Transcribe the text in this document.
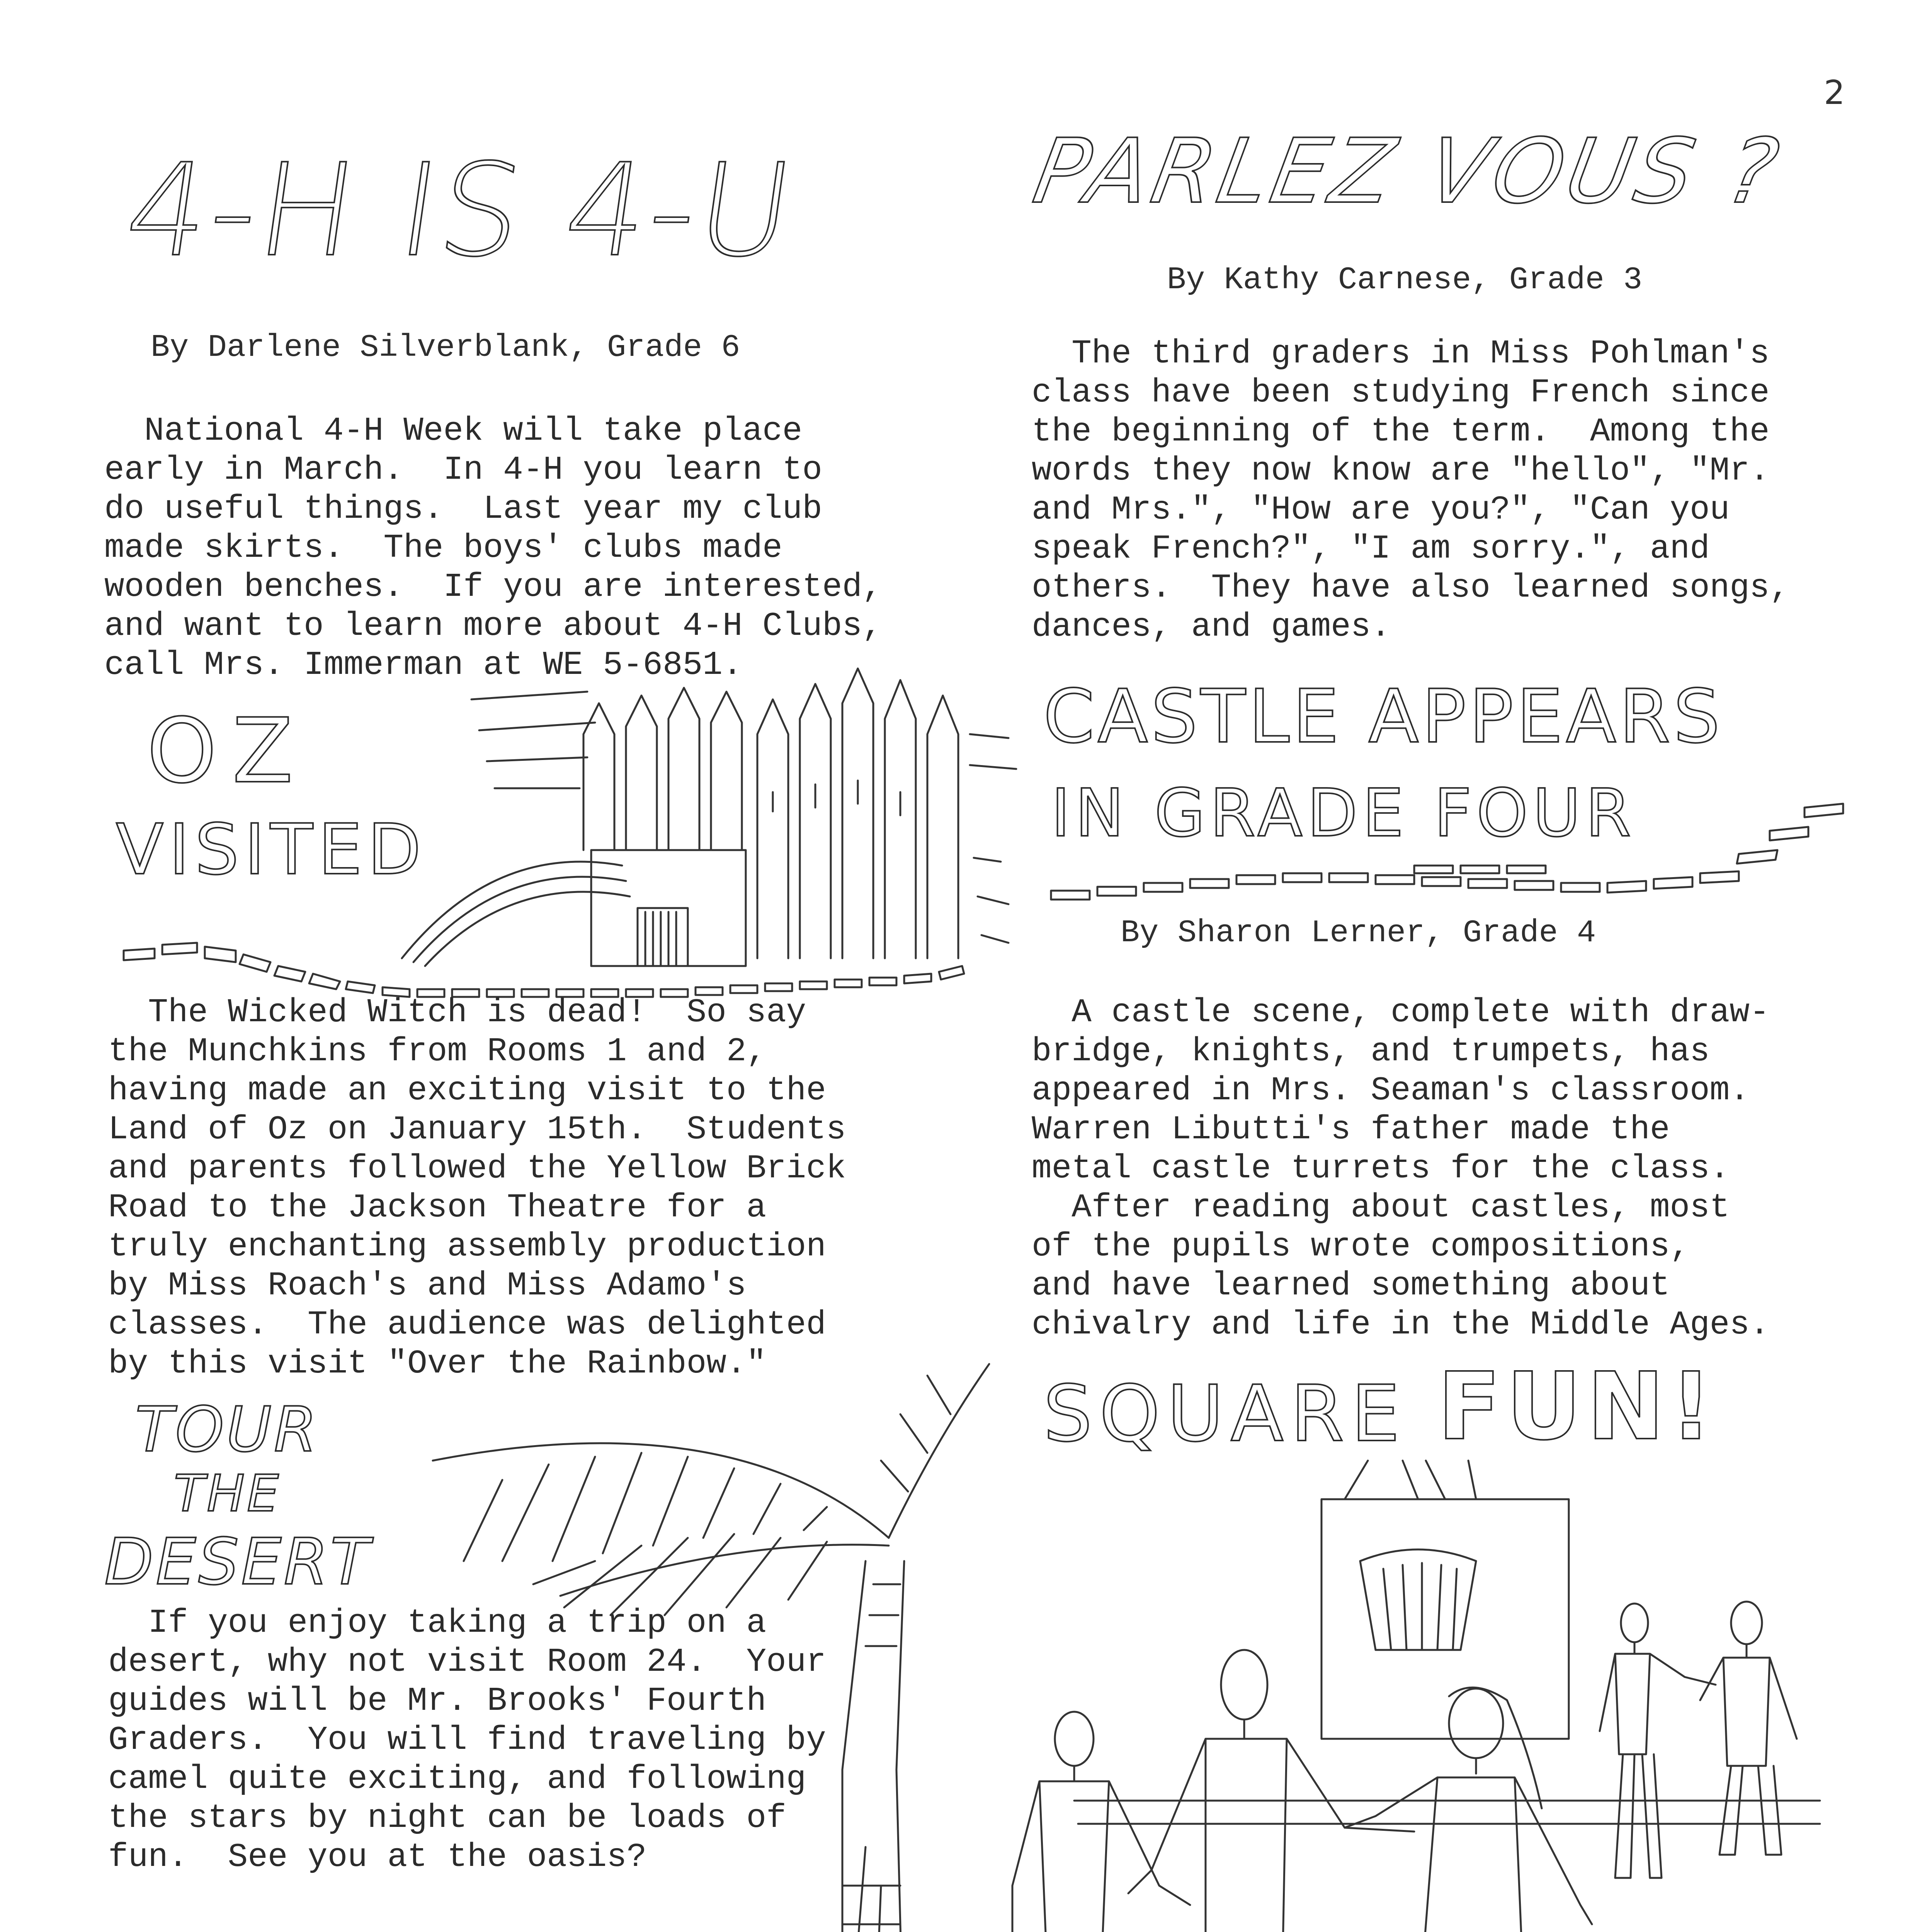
2
4-H IS 4-U
By Darlene Silverblank, Grade 6

National 4-H Week will take place

early in March.  In 4-H you learn to

do useful things.  Last year my club

made skirts.  The boys' clubs made

wooden benches.  If you are interested,

and want to learn more about 4-H Clubs,

call Mrs. Immerman at WE 5-6851.

PARLEZ VOUS ?
By Kathy Carnese, Grade 3

The third graders in Miss Pohlman's

class have been studying French since

the beginning of the term.  Among the

words they now know are "hello", "Mr.

and Mrs.", "How are you?", "Can you

speak French?", "I am sorry.", and

others.  They have also learned songs,

dances, and games.

OZ
VISITED

The Wicked Witch is dead!  So say

the Munchkins from Rooms 1 and 2,

having made an exciting visit to the

Land of Oz on January 15th.  Students

and parents followed the Yellow Brick

Road to the Jackson Theatre for a

truly enchanting assembly production

by Miss Roach's and Miss Adamo's

classes.  The audience was delighted

by this visit "Over the Rainbow."

CASTLE APPEARS
IN GRADE FOUR
By Sharon Lerner, Grade 4

A castle scene, complete with draw-

bridge, knights, and trumpets, has

appeared in Mrs. Seaman's classroom.

Warren Libutti's father made the

metal castle turrets for the class.

After reading about castles, most

of the pupils wrote compositions,

and have learned something about

chivalry and life in the Middle Ages.

TOUR
THE
DESERT

If you enjoy taking a trip on a

desert, why not visit Room 24.  Your

guides will be Mr. Brooks' Fourth

Graders.  You will find traveling by

camel quite exciting, and following

the stars by night can be loads of

fun.  See you at the oasis?

SQUARE FUN!
